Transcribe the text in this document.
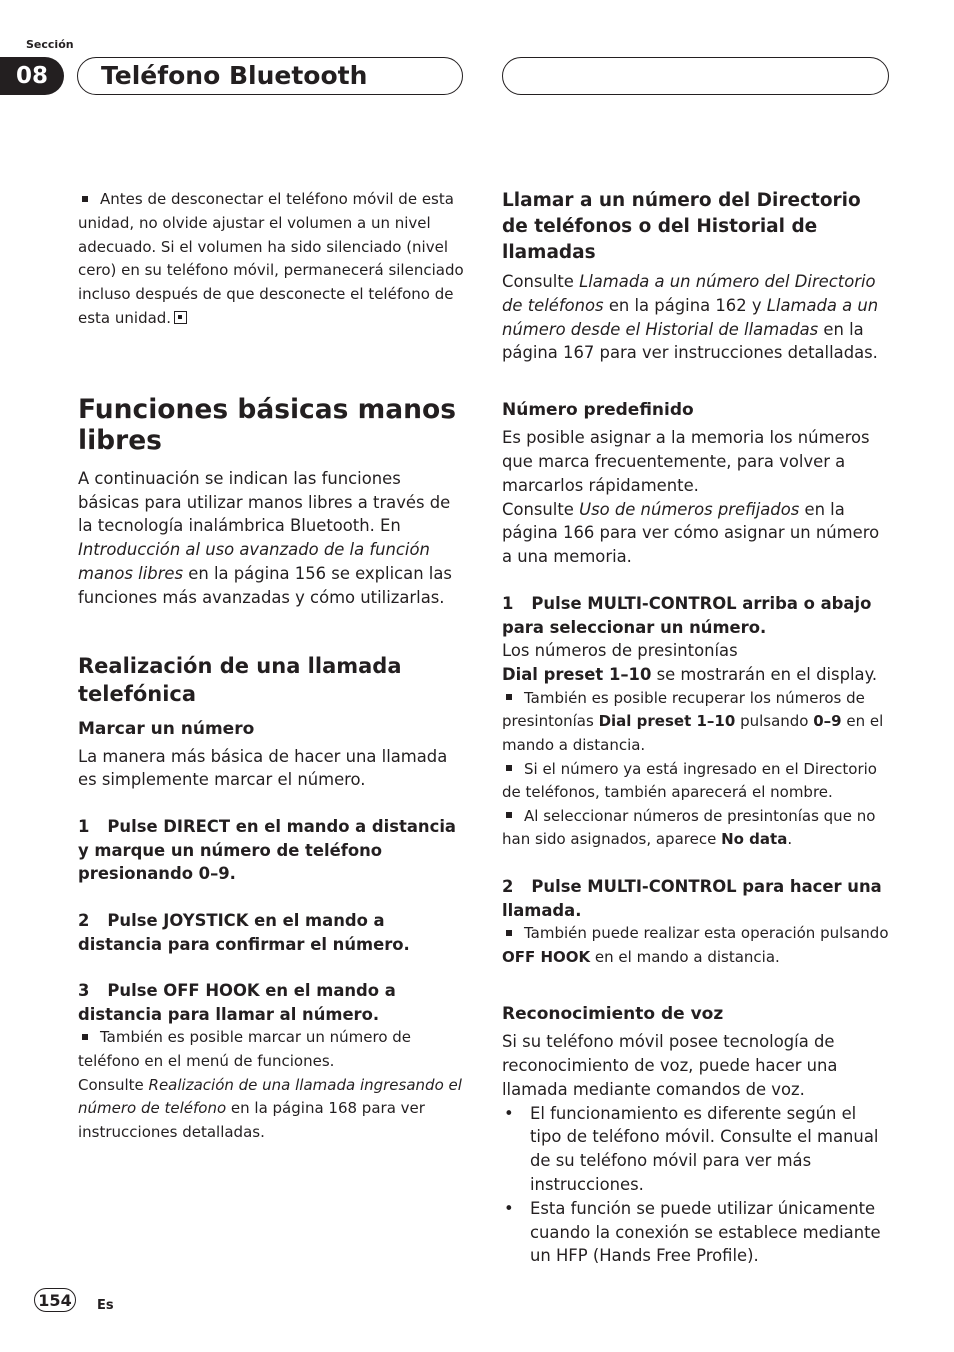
Sección
08 Teléfono Bluetooth

Antes de desconectar el teléfono móvil de esta unidad, no olvide ajustar el volumen a un nivel adecuado. Si el volumen ha sido silenciado (nivel cero) en su teléfono móvil, permanecerá silenciado incluso después de que desconecte el teléfono de esta unidad.

Funciones básicas manos libres

A continuación se indican las funciones básicas para utilizar manos libres a través de la tecnología inalámbrica Bluetooth. En Introducción al uso avanzado de la función manos libres en la página 156 se explican las funciones más avanzadas y cómo utilizarlas.

Realización de una llamada telefónica
Marcar un número

La manera más básica de hacer una llamada es simplemente marcar el número.

1 Pulse DIRECT en el mando a distancia y marque un número de teléfono presionando 0–9.

2 Pulse JOYSTICK en el mando a distancia para confirmar el número.

3 Pulse OFF HOOK en el mando a distancia para llamar al número.

También es posible marcar un número de teléfono en el menú de funciones.

Consulte Realización de una llamada ingresando el número de teléfono en la página 168 para ver instrucciones detalladas.

Llamar a un número del Directorio de teléfonos o del Historial de llamadas

Consulte Llamada a un número del Directorio de teléfonos en la página 162 y Llamada a un número desde el Historial de llamadas en la página 167 para ver instrucciones detalladas.

Número predefinido

Es posible asignar a la memoria los números que marca frecuentemente, para volver a marcarlos rápidamente.

Consulte Uso de números prefijados en la página 166 para ver cómo asignar un número a una memoria.

1 Pulse MULTI-CONTROL arriba o abajo para seleccionar un número.

Los números de presintonías

Dial preset 1–10 se mostrarán en el display.

También es posible recuperar los números de presintonías Dial preset 1–10 pulsando 0–9 en el mando a distancia.

Si el número ya está ingresado en el Directorio de teléfonos, también aparecerá el nombre.

Al seleccionar números de presintonías que no han sido asignados, aparece No data.

2 Pulse MULTI-CONTROL para hacer una llamada.

También puede realizar esta operación pulsando OFF HOOK en el mando a distancia.

Reconocimiento de voz

Si su teléfono móvil posee tecnología de reconocimiento de voz, puede hacer una llamada mediante comandos de voz.

• El funcionamiento es diferente según el tipo de teléfono móvil. Consulte el manual de su teléfono móvil para ver más instrucciones.
• Esta función se puede utilizar únicamente cuando la conexión se establece mediante un HFP (Hands Free Profile).
154 Es
